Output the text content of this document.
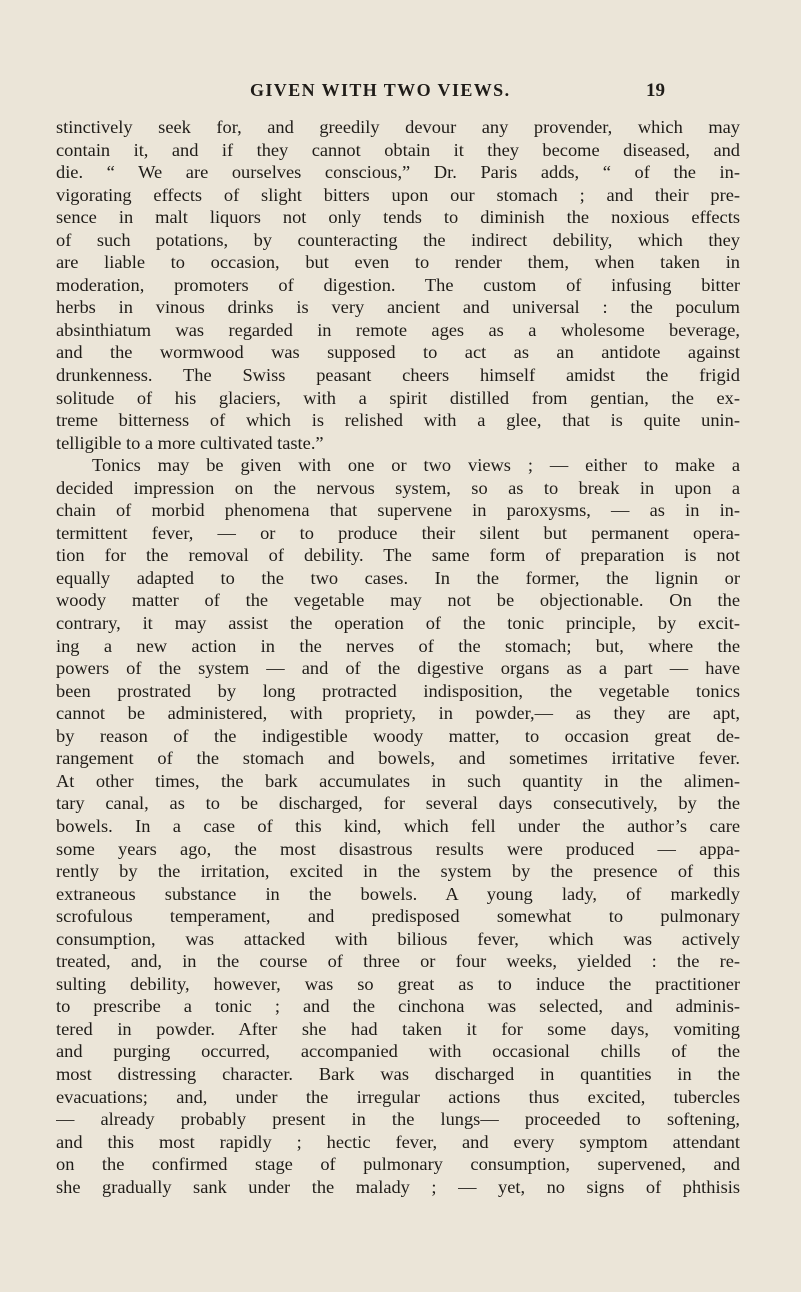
GIVEN WITH TWO VIEWS.	19
stinctively seek for, and greedily devour any provender, which may
contain it, and if they cannot obtain it they become diseased, and
die. “ We are ourselves conscious,” Dr. Paris adds, “ of the in-
vigorating effects of slight bitters upon our stomach ; and their pre-
sence in malt liquors not only tends to diminish the noxious effects
of such potations, by counteracting the indirect debility, which they
are liable to occasion, but even to render them, when taken in
moderation, promoters of digestion. The custom of infusing bitter
herbs in vinous drinks is very ancient and universal : the poculum
absinthiatum was regarded in remote ages as a wholesome beverage,
and the wormwood was supposed to act as an antidote against
drunkenness. The Swiss peasant cheers himself amidst the frigid
solitude of his glaciers, with a spirit distilled from gentian, the ex-
treme bitterness of which is relished with a glee, that is quite unin-
telligible to a more cultivated taste.”
Tonics may be given with one or two views ; — either to make a
decided impression on the nervous system, so as to break in upon a
chain of morbid phenomena that supervene in paroxysms, — as in in-
termittent fever, — or to produce their silent but permanent opera-
tion for the removal of debility. The same form of preparation is not
equally adapted to the two cases. In the former, the lignin or
woody matter of the vegetable may not be objectionable. On the
contrary, it may assist the operation of the tonic principle, by excit-
ing a new action in the nerves of the stomach; but, where the
powers of the system — and of the digestive organs as a part — have
been prostrated by long protracted indisposition, the vegetable tonics
cannot be administered, with propriety, in powder,— as they are apt,
by reason of the indigestible woody matter, to occasion great de-
rangement of the stomach and bowels, and sometimes irritative fever.
At other times, the bark accumulates in such quantity in the alimen-
tary canal, as to be discharged, for several days consecutively, by the
bowels. In a case of this kind, which fell under the author’s care
some years ago, the most disastrous results were produced — appa-
rently by the irritation, excited in the system by the presence of this
extraneous substance in the bowels. A young lady, of markedly
scrofulous temperament, and predisposed somewhat to pulmonary
consumption, was attacked with bilious fever, which was actively
treated, and, in the course of three or four weeks, yielded : the re-
sulting debility, however, was so great as to induce the practitioner
to prescribe a tonic ; and the cinchona was selected, and adminis-
tered in powder. After she had taken it for some days, vomiting
and purging occurred, accompanied with occasional chills of the
most distressing character. Bark was discharged in quantities in the
evacuations; and, under the irregular actions thus excited, tubercles
— already probably present in the lungs— proceeded to softening,
and this most rapidly ; hectic fever, and every symptom attendant
on the confirmed stage of pulmonary consumption, supervened, and
she gradually sank under the malady ; — yet, no signs of phthisis
